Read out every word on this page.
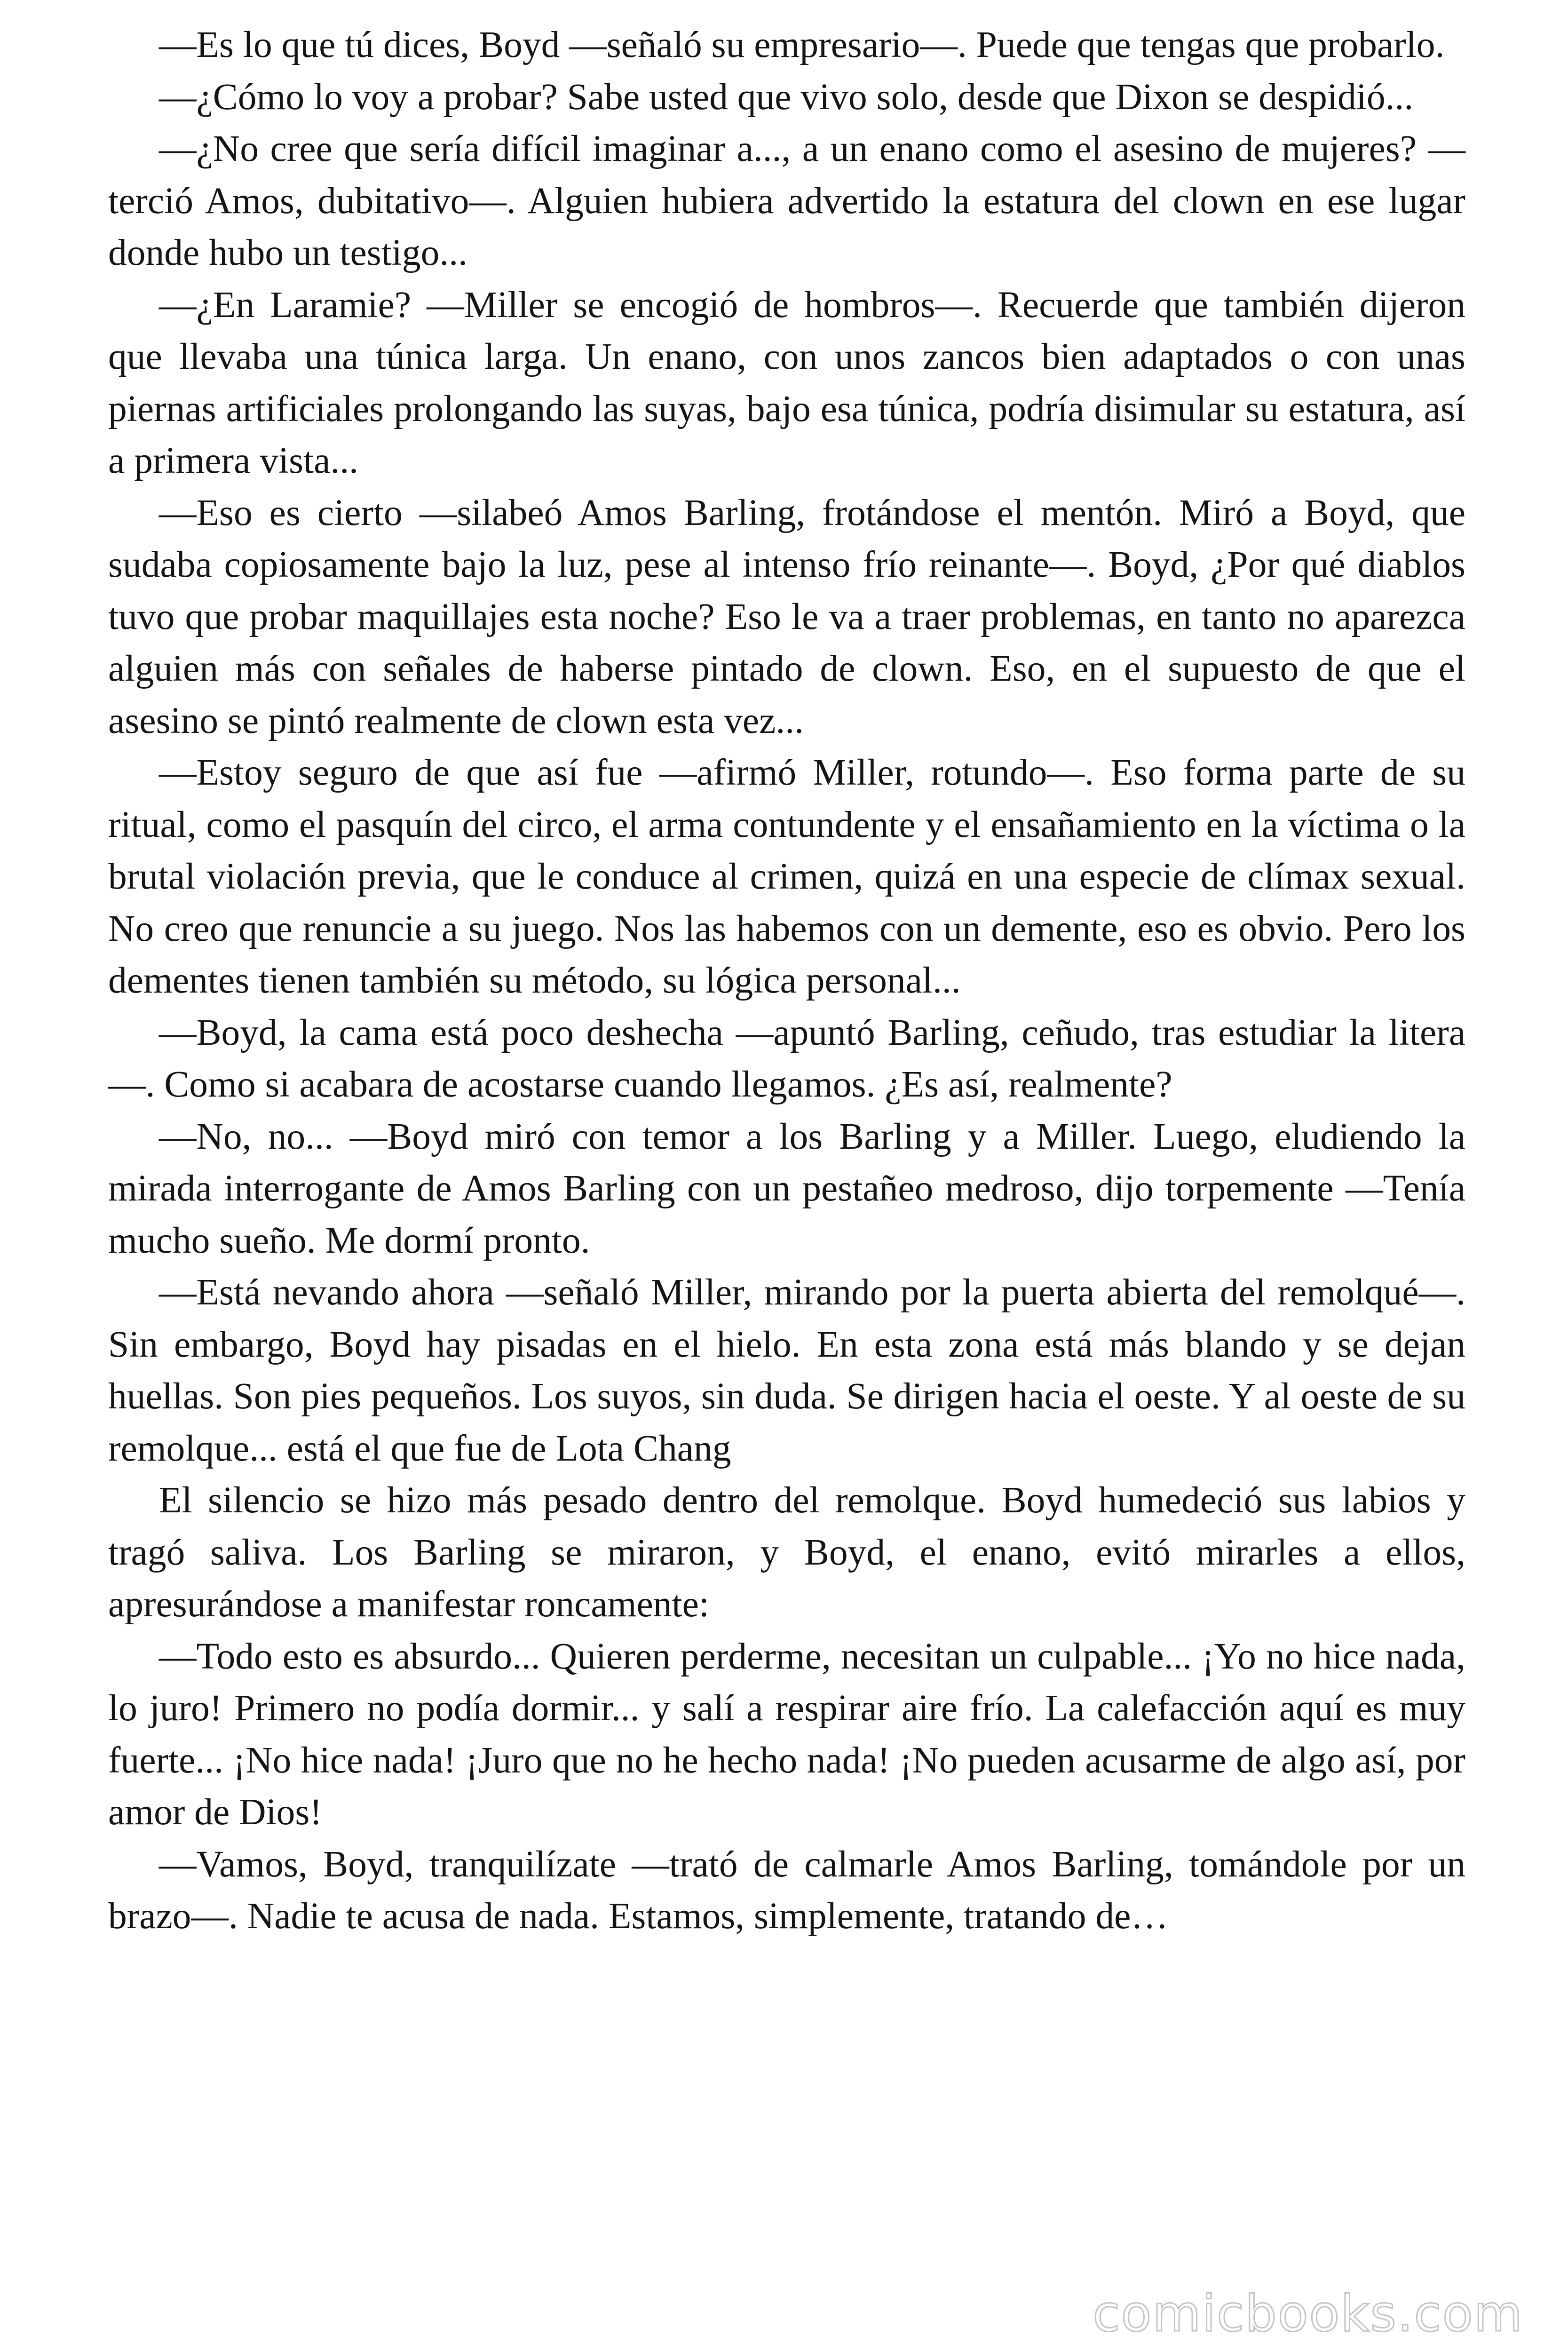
—Es lo que tú dices, Boyd —señaló su empresario—. Puede que tengas que probarlo.

—¿Cómo lo voy a probar? Sabe usted que vivo solo, desde que Dixon se despidió...

—¿No cree que sería difícil imaginar a..., a un enano como el asesino de mujeres? —terció Amos, dubitativo—. Alguien hubiera advertido la estatura del clown en ese lugar donde hubo un testigo...

—¿En Laramie? —Miller se encogió de hombros—. Recuerde que también dijeron que llevaba una túnica larga. Un enano, con unos zancos bien adaptados o con unas piernas artificiales prolongando las suyas, bajo esa túnica, podría disimular su estatura, así a primera vista...

—Eso es cierto —silabeó Amos Barling, frotándose el mentón. Miró a Boyd, que sudaba copiosamente bajo la luz, pese al intenso frío reinante—. Boyd, ¿Por qué diablos tuvo que probar maquillajes esta noche? Eso le va a traer problemas, en tanto no aparezca alguien más con señales de haberse pintado de clown. Eso, en el supuesto de que el asesino se pintó realmente de clown esta vez...

—Estoy seguro de que así fue —afirmó Miller, rotundo—. Eso forma parte de su ritual, como el pasquín del circo, el arma contundente y el ensañamiento en la víctima o la brutal violación previa, que le conduce al crimen, quizá en una especie de clímax sexual. No creo que renuncie a su juego. Nos las habemos con un demente, eso es obvio. Pero los dementes tienen también su método, su lógica personal...

—Boyd, la cama está poco deshecha —apuntó Barling, ceñudo, tras estudiar la litera—. Como si acabara de acostarse cuando llegamos. ¿Es así, realmente?

—No, no... —Boyd miró con temor a los Barling y a Miller. Luego, eludiendo la mirada interrogante de Amos Barling con un pestañeo medroso, dijo torpemente —Tenía mucho sueño. Me dormí pronto.

—Está nevando ahora —señaló Miller, mirando por la puerta abierta del remolqué—. Sin embargo, Boyd hay pisadas en el hielo. En esta zona está más blando y se dejan huellas. Son pies pequeños. Los suyos, sin duda. Se dirigen hacia el oeste. Y al oeste de su remolque... está el que fue de Lota Chang

El silencio se hizo más pesado dentro del remolque. Boyd humedeció sus labios y tragó saliva. Los Barling se miraron, y Boyd, el enano, evitó mirarles a ellos, apresurándose a manifestar roncamente:

—Todo esto es absurdo... Quieren perderme, necesitan un culpable... ¡Yo no hice nada, lo juro! Primero no podía dormir... y salí a respirar aire frío. La calefacción aquí es muy fuerte... ¡No hice nada! ¡Juro que no he hecho nada! ¡No pueden acusarme de algo así, por amor de Dios!

—Vamos, Boyd, tranquilízate —trató de calmarle Amos Barling, tomándole por un brazo—. Nadie te acusa de nada. Estamos, simplemente, tratando de…

comicbooks.com
